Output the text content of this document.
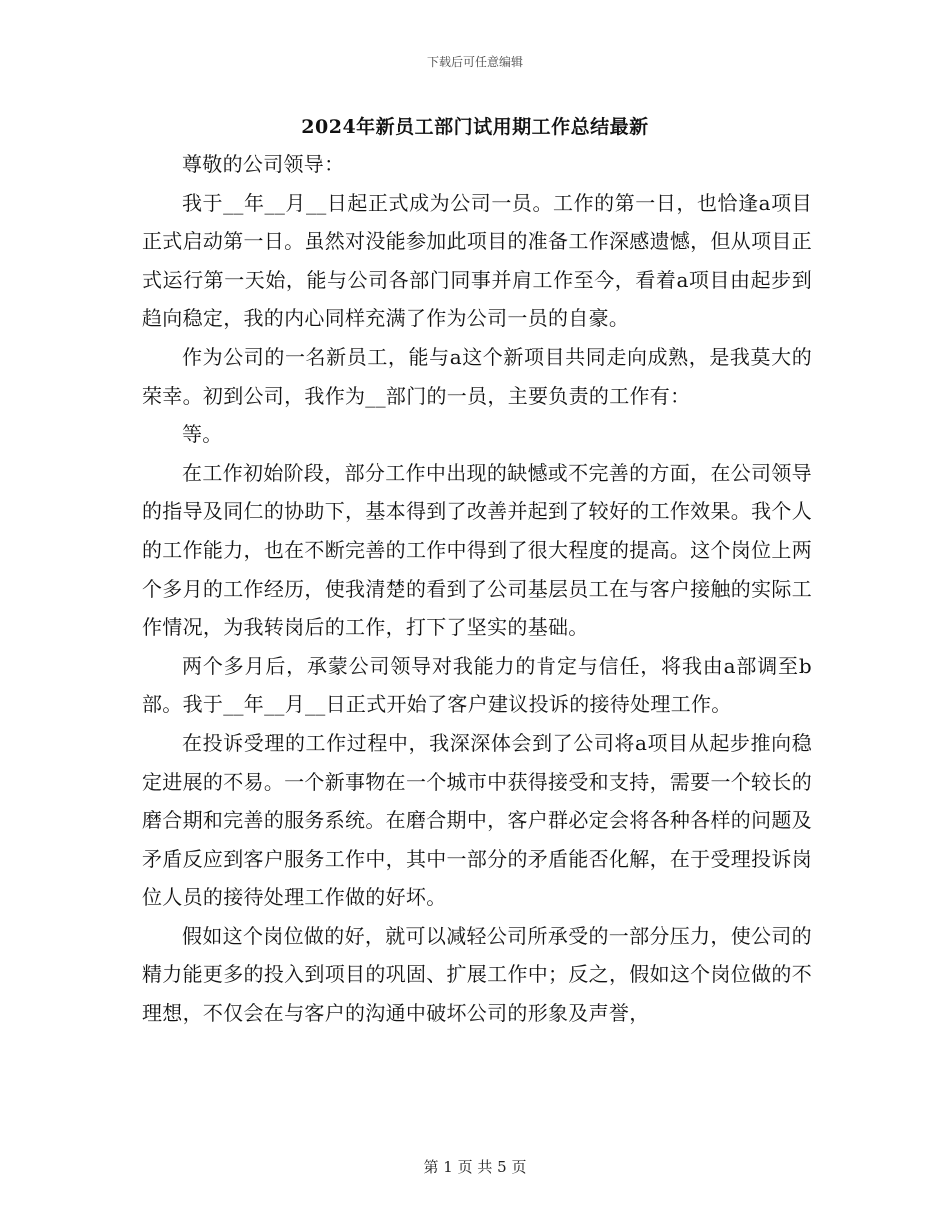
下载后可任意编辑
2024年新员工部门试用期工作总结最新

尊敬的公司领导：

我于__年__月__日起正式成为公司一员。工作的第一日，也恰逢a项目正式启动第一日。虽然对没能参加此项目的准备工作深感遗憾，但从项目正式运行第一天始，能与公司各部门同事并肩工作至今，看着a项目由起步到趋向稳定，我的内心同样充满了作为公司一员的自豪。

作为公司的一名新员工，能与a这个新项目共同走向成熟，是我莫大的荣幸。初到公司，我作为__部门的一员，主要负责的工作有：

等。

在工作初始阶段，部分工作中出现的缺憾或不完善的方面，在公司领导的指导及同仁的协助下，基本得到了改善并起到了较好的工作效果。我个人的工作能力，也在不断完善的工作中得到了很大程度的提高。这个岗位上两个多月的工作经历，使我清楚的看到了公司基层员工在与客户接触的实际工作情况，为我转岗后的工作，打下了坚实的基础。

两个多月后，承蒙公司领导对我能力的肯定与信任，将我由a部调至b部。我于__年__月__日正式开始了客户建议投诉的接待处理工作。

在投诉受理的工作过程中，我深深体会到了公司将a项目从起步推向稳定进展的不易。一个新事物在一个城市中获得接受和支持，需要一个较长的磨合期和完善的服务系统。在磨合期中，客户群必定会将各种各样的问题及矛盾反应到客户服务工作中，其中一部分的矛盾能否化解，在于受理投诉岗位人员的接待处理工作做的好坏。

假如这个岗位做的好，就可以减轻公司所承受的一部分压力，使公司的精力能更多的投入到项目的巩固、扩展工作中；反之，假如这个岗位做的不理想，不仅会在与客户的沟通中破坏公司的形象及声誉，

第 1 页 共 5 页
